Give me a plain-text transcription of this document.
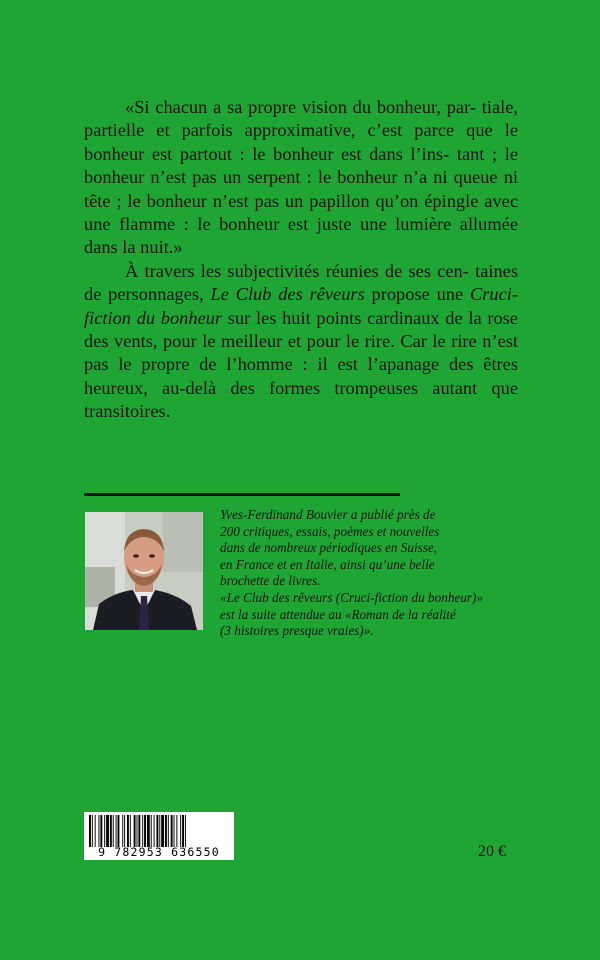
«Si chacun a sa propre vision du bonheur, par- tiale, partielle et parfois approximative, c’est parce que le bonheur est partout : le bonheur est dans l’ins- tant ; le bonheur n’est pas un serpent : le bonheur n’a ni queue ni tête ; le bonheur n’est pas un papillon qu’on épingle avec une flamme : le bonheur est juste une lumière allumée dans la nuit.»

À travers les subjectivités réunies de ses cen- taines de personnages, Le Club des rêveurs propose une Cruci-fiction du bonheur sur les huit points cardinaux de la rose des vents, pour le meilleur et pour le rire. Car le rire n’est pas le propre de l’homme : il est l’apanage des êtres heureux, au-delà des formes trompeuses autant que transitoires.

Yves-Ferdinand Bouvier a publié près de

200 critiques, essais, poèmes et nouvelles

dans de nombreux périodiques en Suisse,

en France et en Italie, ainsi qu’une belle

brochette de livres.

«Le Club des rêveurs (Cruci-fiction du bonheur)»

est la suite attendue au «Roman de la réalité

(3 histoires presque vraies)».

9 782953 636550	20 €
